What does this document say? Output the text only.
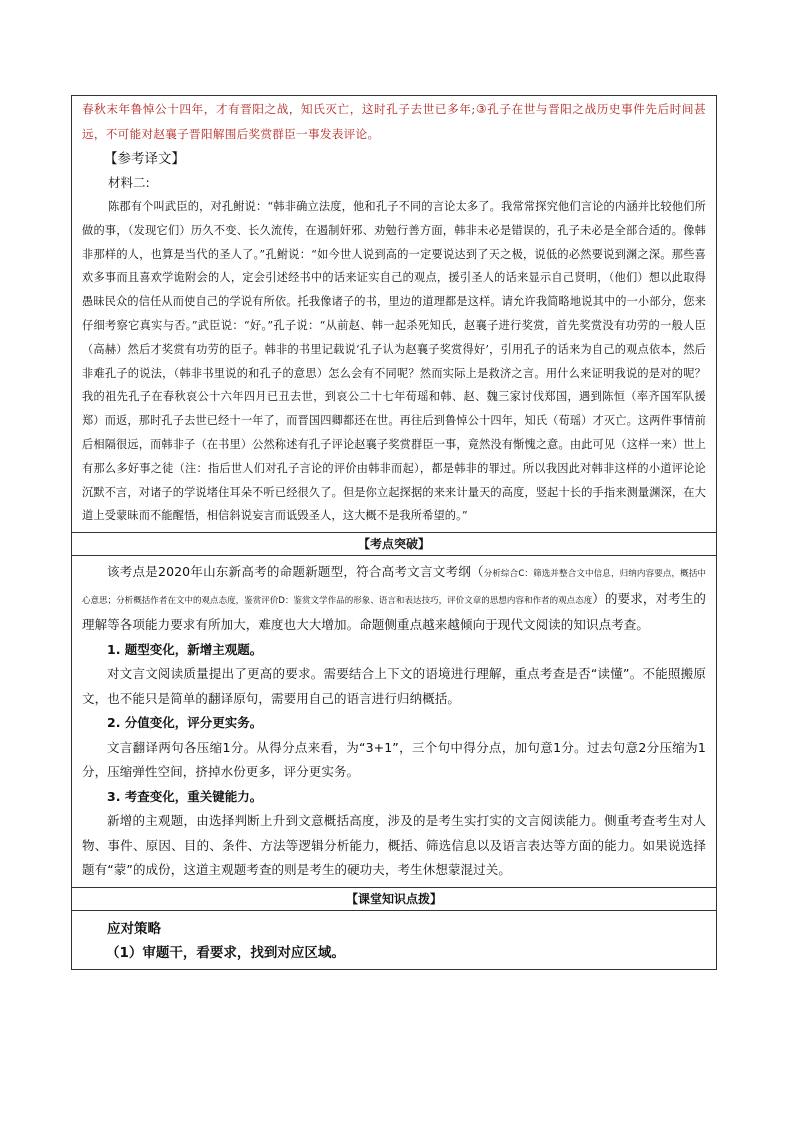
春秋末年鲁悼公十四年，才有晋阳之战，知氏灭亡，这时孔子去世已多年;③孔子在世与晋阳之战历史事件先后时间甚远，不可能对赵襄子晋阳解围后奖赏群臣一事发表评论。

【参考译文】

材料二:

陈郡有个叫武臣的，对孔鲋说：“韩非确立法度，他和孔子不同的言论太多了。我常常探究他们言论的内涵并比较他们所做的事，（发现它们）历久不变、长久流传，在遏制奸邪、劝勉行善方面，韩非未必是错误的，孔子未必是全部合适的。像韩非那样的人，也算是当代的圣人了。”孔鲋说：“如今世人说到高的一定要说达到了天之极，说低的必然要说到渊之深。那些喜欢多事而且喜欢学诡附会的人，定会引述经书中的话来证实自己的观点，援引圣人的话来显示自己贤明，（他们）想以此取得愚昧民众的信任从而使自己的学说有所依。托我像诸子的书，里边的道理都是这样。请允许我简略地说其中的一小部分，您来仔细考察它真实与否。”武臣说：“好。”孔子说：“从前赵、韩一起杀死知氏，赵襄子进行奖赏，首先奖赏没有功劳的一般人臣（高赫）然后才奖赏有功劳的臣子。韩非的书里记载说‘孔子认为赵襄子奖赏得好’，引用孔子的话来为自己的观点依本，然后非难孔子的说法，（韩非书里说的和孔子的意思）怎么会有不同呢？然而实际上是救济之言。用什么来证明我说的是对的呢？我的祖先孔子在春秋哀公十六年四月已丑去世，到哀公二十七年荀瑶和韩、赵、魏三家讨伐郑国，遇到陈恒（率齐国军队援郑）而返，那时孔子去世已经十一年了，而晋国四卿都还在世。再往后到鲁悼公十四年，知氏（荀瑶）才灭亡。这两件事情前后相隔很远，而韩非子（在书里）公然称述有孔子评论赵襄子奖赏群臣一事，竟然没有惭愧之意。由此可见（这样一来）世上有那么多好事之徒（注：指后世人们对孔子言论的评价由韩非而起），都是韩非的罪过。所以我因此对韩非这样的小道评论论沉默不言，对诸子的学说堵住耳朵不听已经很久了。但是你立起探据的来来计量天的高度，竖起十长的手指来测量渊深，在大道上受蒙昧而不能醒悟，相信斜说妄言而诋毁圣人，这大概不是我所希望的。”

【考点突破】

该考点是2020年山东新高考的命题新题型，符合高考文言文考纲（分析综合C：筛选并整合文中信息，归纳内容要点，概括中心意思；分析概括作者在文中的观点态度，鉴赏评价D：鉴赏文学作品的形象、语言和表达技巧，评价文章的思想内容和作者的观点态度）的要求，对考生的理解等各项能力要求有所加大，难度也大大增加。命题侧重点越来越倾向于现代文阅读的知识点考查。

1. 题型变化，新增主观题。

对文言文阅读质量提出了更高的要求。需要结合上下文的语境进行理解，重点考查是否“读懂”。不能照搬原文，也不能只是简单的翻译原句，需要用自己的语言进行归纳概括。

2. 分值变化，评分更实务。

文言翻译两句各压缩1分。从得分点来看，为“3+1”，三个句中得分点，加句意1分。过去句意2分压缩为1分，压缩弹性空间，挤掉水份更多，评分更实务。

3. 考查变化，重关键能力。

新增的主观题，由选择判断上升到文意概括高度，涉及的是考生实打实的文言阅读能力。侧重考查考生对人物、事件、原因、目的、条件、方法等逻辑分析能力，概括、筛选信息以及语言表达等方面的能力。如果说选择题有“蒙”的成份，这道主观题考查的则是考生的硬功夫，考生休想蒙混过关。

【课堂知识点拨】

应对策略

（1）审题干，看要求，找到对应区域。
